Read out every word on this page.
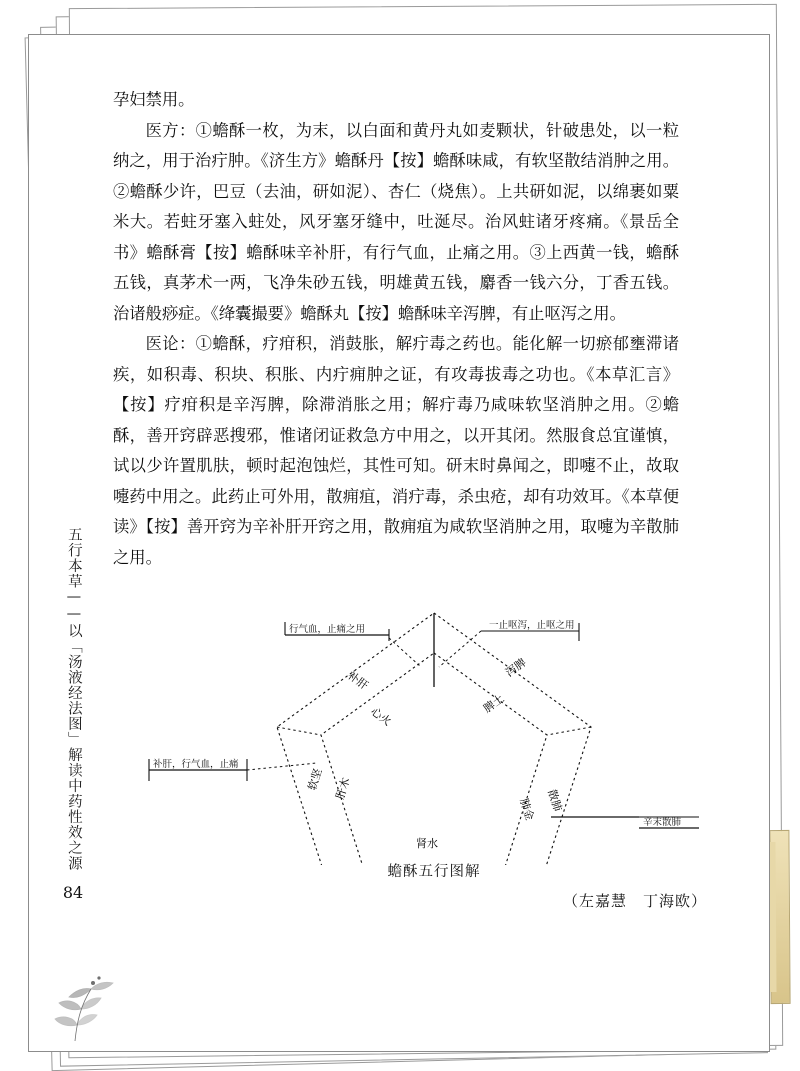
五行本草——以「汤液经法图」解读中药性效之源
84

孕妇禁用。

医方：①蟾酥一枚，为末，以白面和黄丹丸如麦颗状，针破患处，以一粒纳之，用于治疔肿。《济生方》蟾酥丹【按】蟾酥味咸，有软坚散结消肿之用。②蟾酥少许，巴豆（去油，研如泥）、杏仁（烧焦）。上共研如泥，以绵裹如粟米大。若蛀牙塞入蛀处，风牙塞牙缝中，吐涎尽。治风蛀诸牙疼痛。《景岳全书》蟾酥膏【按】蟾酥味辛补肝，有行气血，止痛之用。③上西黄一钱，蟾酥五钱，真茅术一两，飞净朱砂五钱，明雄黄五钱，麝香一钱六分，丁香五钱。治诸般痧症。《绛囊撮要》蟾酥丸【按】蟾酥味辛泻脾，有止呕泻之用。

医论：①蟾酥，疗疳积，消鼓胀，解疔毒之药也。能化解一切瘀郁壅滞诸疾，如积毒、积块、积胀、内疔痈肿之证，有攻毒拔毒之功也。《本草汇言》【按】疗疳积是辛泻脾，除滞消胀之用；解疔毒乃咸味软坚消肿之用。②蟾酥，善开窍辟恶搜邪，惟诸闭证救急方中用之，以开其闭。然服食总宜谨慎，试以少许置肌肤，顿时起泡蚀烂，其性可知。研末时鼻闻之，即嚏不止，故取嚏药中用之。此药止可外用，散痈疽，消疔毒，杀虫疮，却有功效耳。《本草便读》【按】善开窍为辛补肝开窍之用，散痈疽为咸软坚消肿之用，取嚏为辛散肺之用。

心火
脾土
肝木
肺金
肾水
补肝
泻脾
软坚
散肺
行气血，止痛之用	一止呕泻，止呕之用
补肝，行气血，止痛
辛末散肺
蟾酥五行图解
（左嘉慧　丁海欧）
